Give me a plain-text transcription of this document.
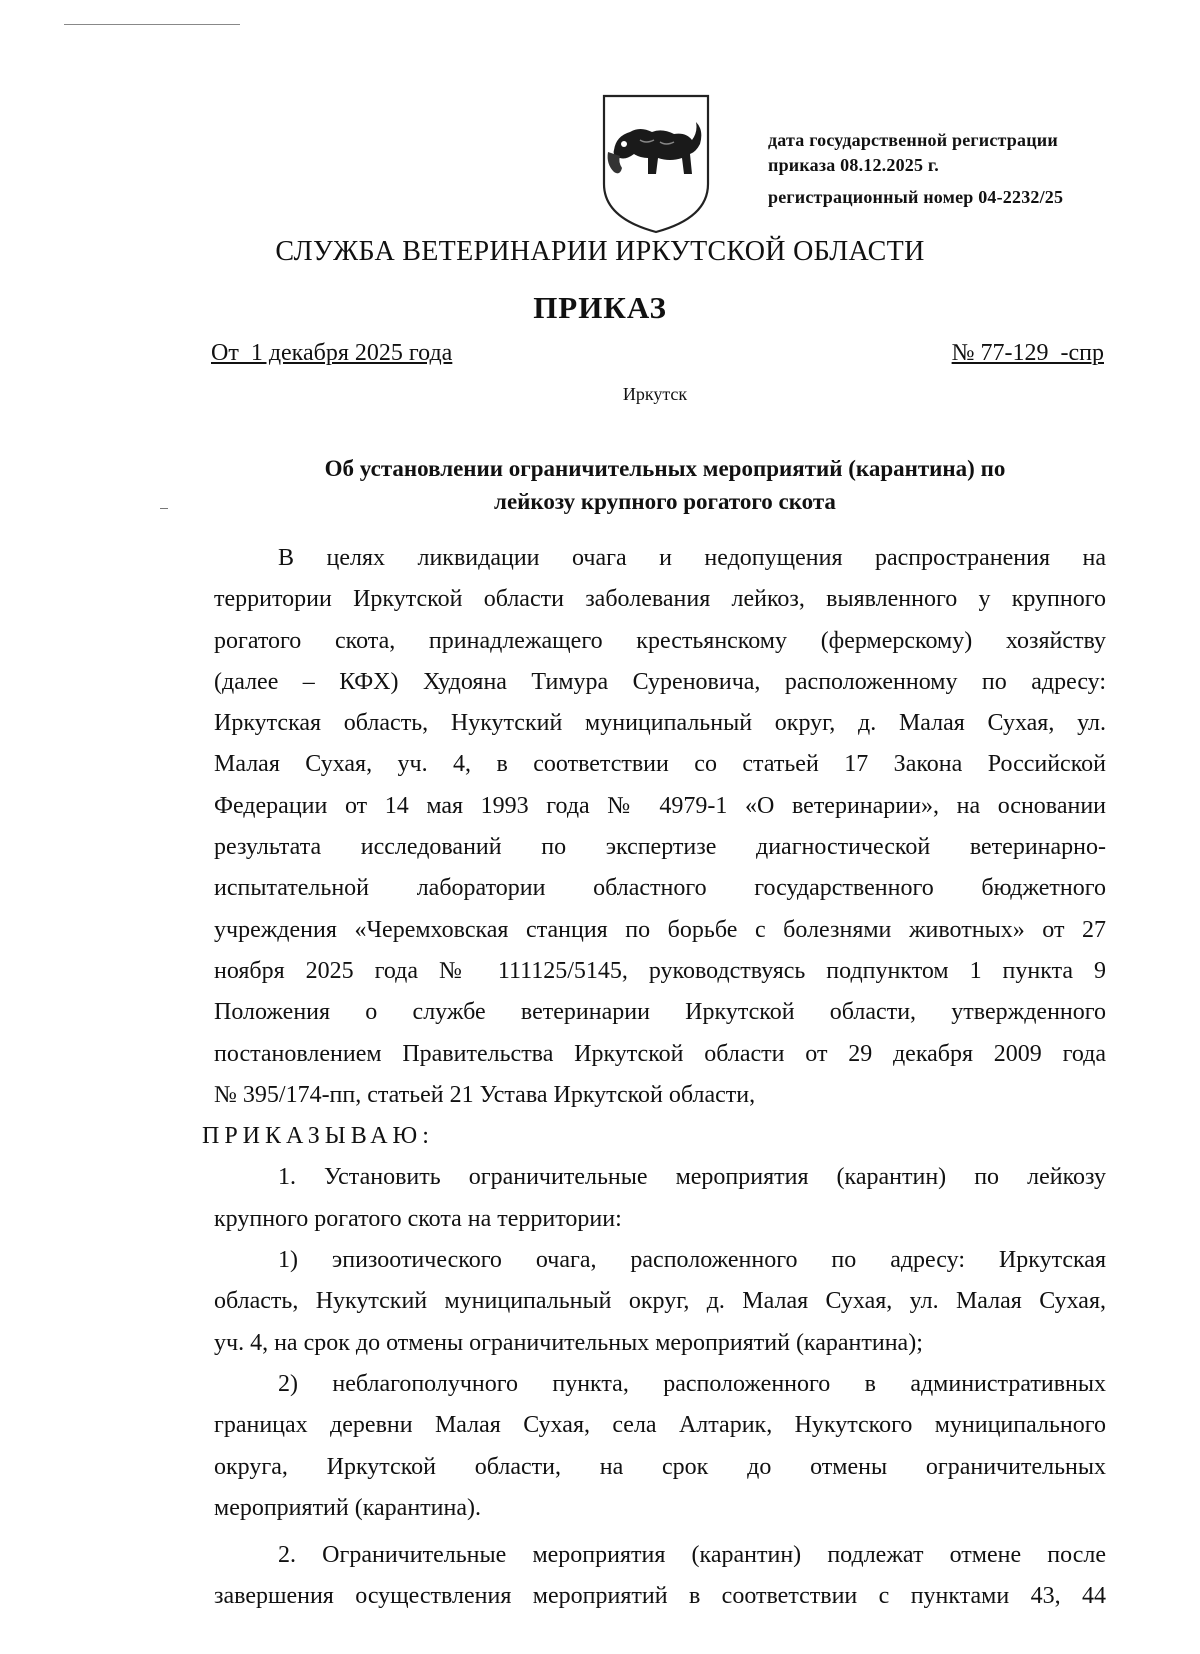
дата государственной регистрации
приказа 08.12.2025 г.
регистрационный номер 04-2232/25
СЛУЖБА ВЕТЕРИНАРИИ ИРКУТСКОЙ ОБЛАСТИ
ПРИКАЗ
От  1 декабря 2025 года	№ 77-129  -спр
Иркутск
Об установлении ограничительных мероприятий (карантина) по
лейкозу крупного рогатого скота

В целях ликвидации очага и недопущения распространения на

территории Иркутской области заболевания лейкоз, выявленного у крупного

рогатого скота, принадлежащего крестьянскому (фермерскому) хозяйству

(далее – КФХ) Худояна Тимура Суреновича, расположенному по адресу:

Иркутская область, Нукутский муниципальный округ, д. Малая Сухая, ул.

Малая Сухая, уч. 4, в соответствии со статьей 17 Закона Российской

Федерации от 14 мая 1993 года № 4979-1 «О ветеринарии», на основании

результата исследований по экспертизе диагностической ветеринарно-

испытательной лаборатории областного государственного бюджетного

учреждения «Черемховская станция по борьбе с болезнями животных» от 27

ноября 2025 года № 111125/5145, руководствуясь подпунктом 1 пункта 9

Положения о службе ветеринарии Иркутской области, утвержденного

постановлением Правительства Иркутской области от 29 декабря 2009 года

№ 395/174-пп, статьей 21 Устава Иркутской области,

ПРИКАЗЫВАЮ:

1. Установить ограничительные мероприятия (карантин) по лейкозу

крупного рогатого скота на территории:

1) эпизоотического очага, расположенного по адресу: Иркутская

область, Нукутский муниципальный округ, д. Малая Сухая, ул. Малая Сухая,

уч. 4, на срок до отмены ограничительных мероприятий (карантина);

2) неблагополучного пункта, расположенного в административных

границах деревни Малая Сухая, села Алтарик, Нукутского муниципального

округа, Иркутской области, на срок до отмены ограничительных

мероприятий (карантина).

2. Ограничительные мероприятия (карантин) подлежат отмене после

завершения осуществления мероприятий в соответствии с пунктами 43, 44
